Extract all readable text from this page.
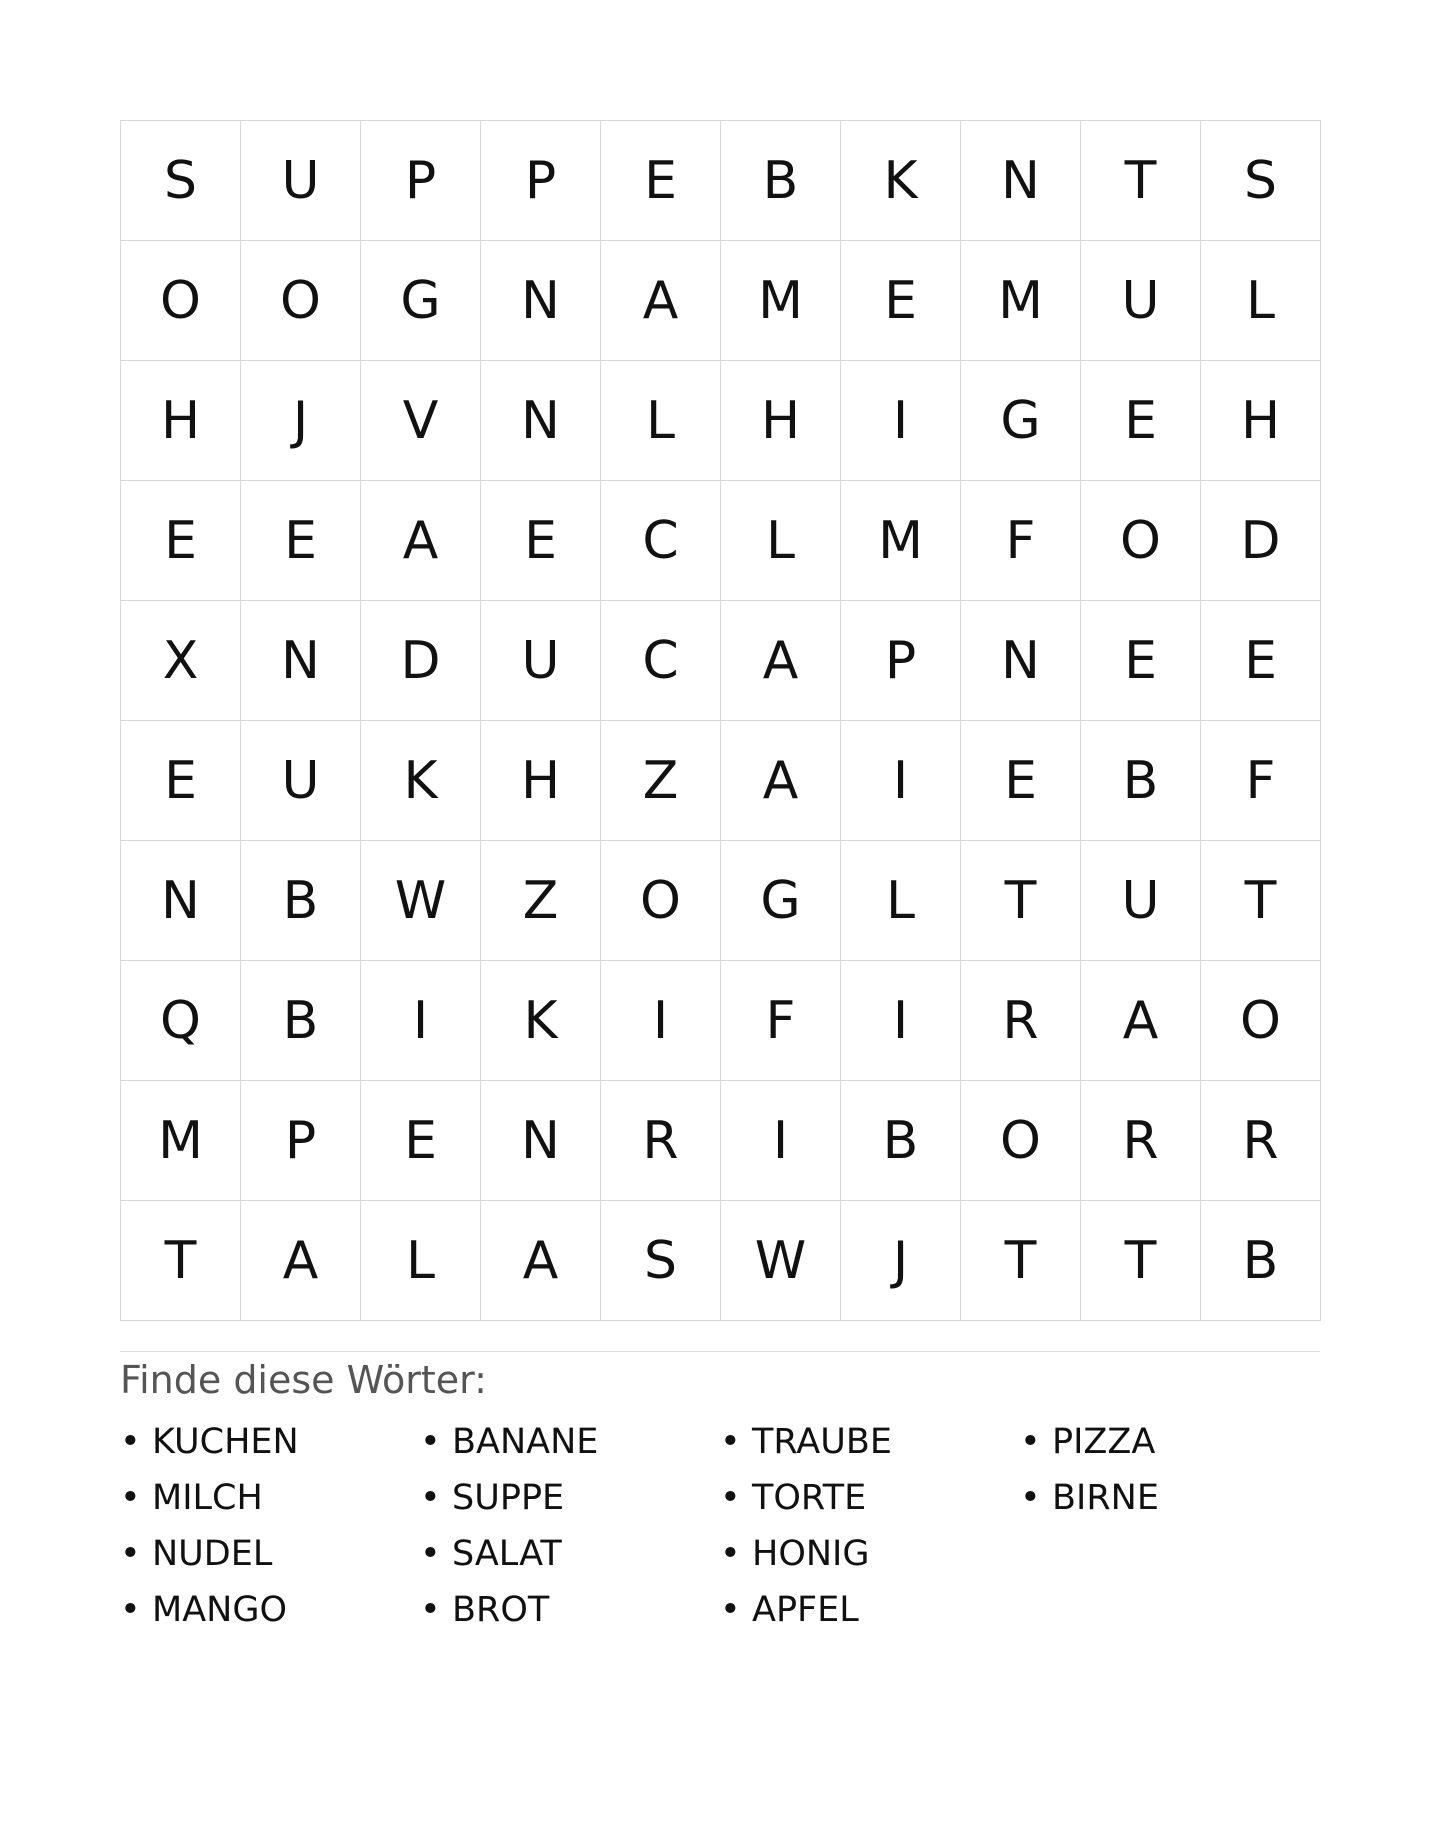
S	U	P	P	E	B	K	N	T	S
O	O	G	N	A	M	E	M	U	L
H	J	V	N	L	H	I	G	E	H
E	E	A	E	C	L	M	F	O	D
X	N	D	U	C	A	P	N	E	E
E	U	K	H	Z	A	I	E	B	F
N	B	W	Z	O	G	L	T	U	T
Q	B	I	K	I	F	I	R	A	O
M	P	E	N	R	I	B	O	R	R
T	A	L	A	S	W	J	T	T	B
Finde diese Wörter:
• KUCHEN
• MILCH
• NUDEL
• MANGO
• BANANE
• SUPPE
• SALAT
• BROT
• TRAUBE
• TORTE
• HONIG
• APFEL
• PIZZA
• BIRNE
